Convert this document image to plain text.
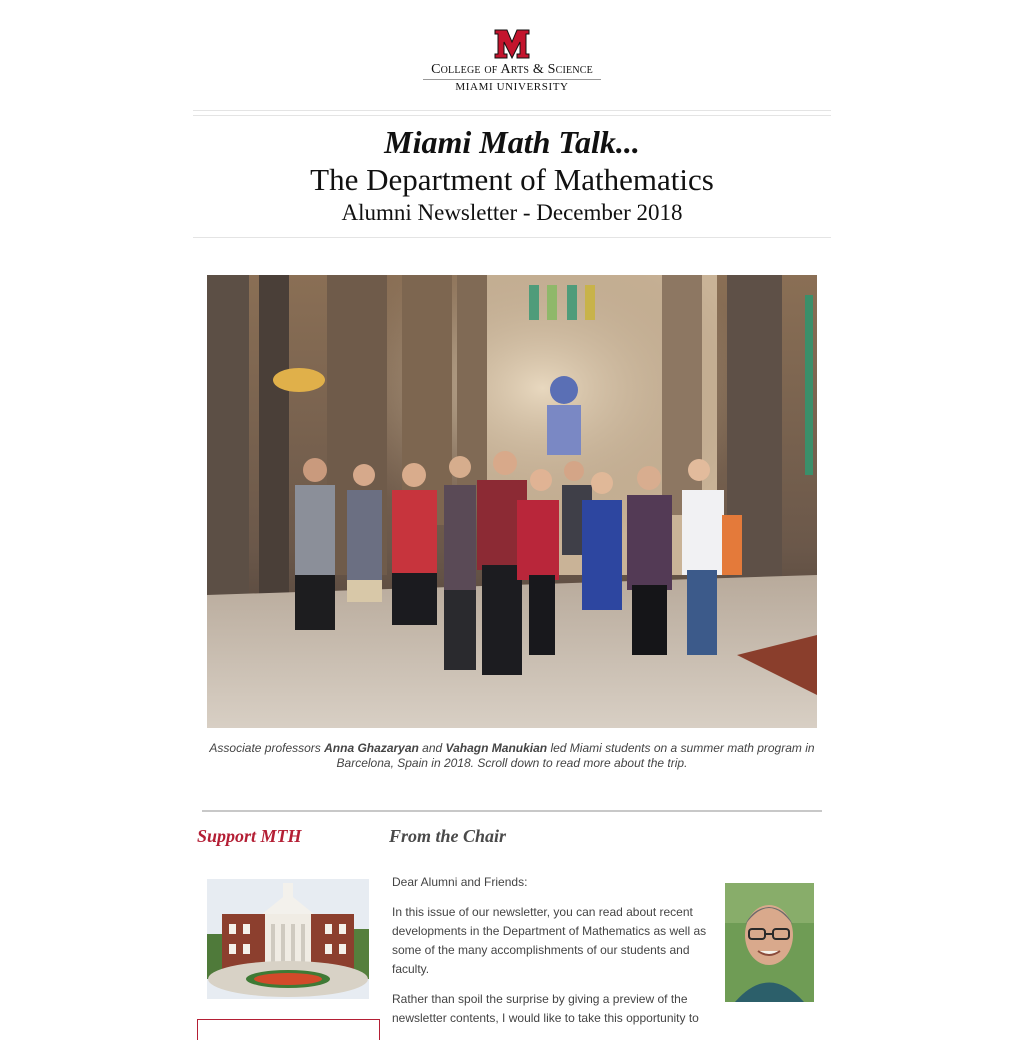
College of Arts & Science
MIAMI UNIVERSITY
Miami Math Talk...
The Department of Mathematics
Alumni Newsletter - December 2018
Associate professors Anna Ghazaryan and Vahagn Manukian led Miami students on a summer math program in Barcelona, Spain in 2018. Scroll down to read more about the trip.
Support MTH	From the Chair

Dear Alumni and Friends:

In this issue of our newsletter, you can read about recent developments in the Department of Mathematics as well as some of the many accomplishments of our students and faculty.

Rather than spoil the surprise by giving a preview of the newsletter contents, I would like to take this opportunity to
